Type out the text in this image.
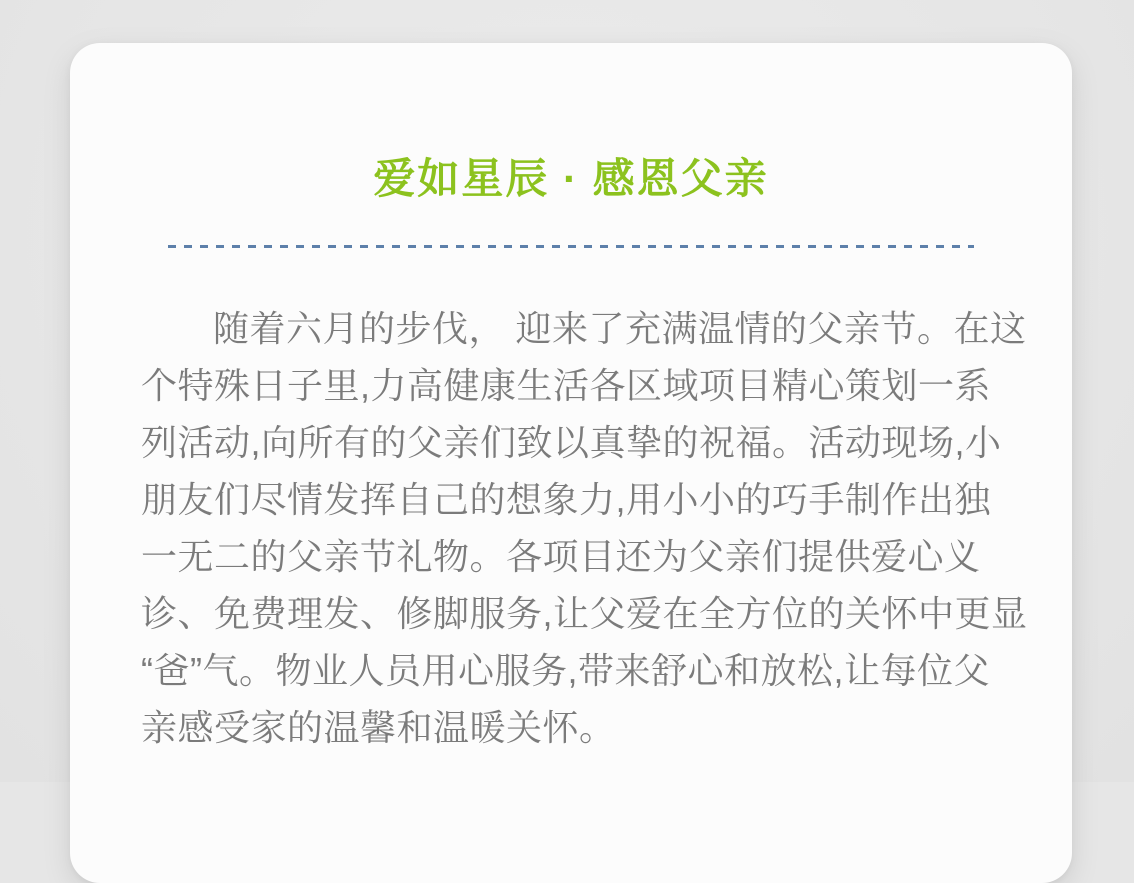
爱如星辰 · 感恩父亲
随着六月的步伐， 迎来了充满温情的父亲节。在这
个特殊日子里,力高健康生活各区域项目精心策划一系
列活动,向所有的父亲们致以真挚的祝福。活动现场,小
朋友们尽情发挥自己的想象力,用小小的巧手制作出独
一无二的父亲节礼物。各项目还为父亲们提供爱心义
诊、免费理发、修脚服务,让父爱在全方位的关怀中更显
“爸”气。物业人员用心服务,带来舒心和放松,让每位父
亲感受家的温馨和温暖关怀。
